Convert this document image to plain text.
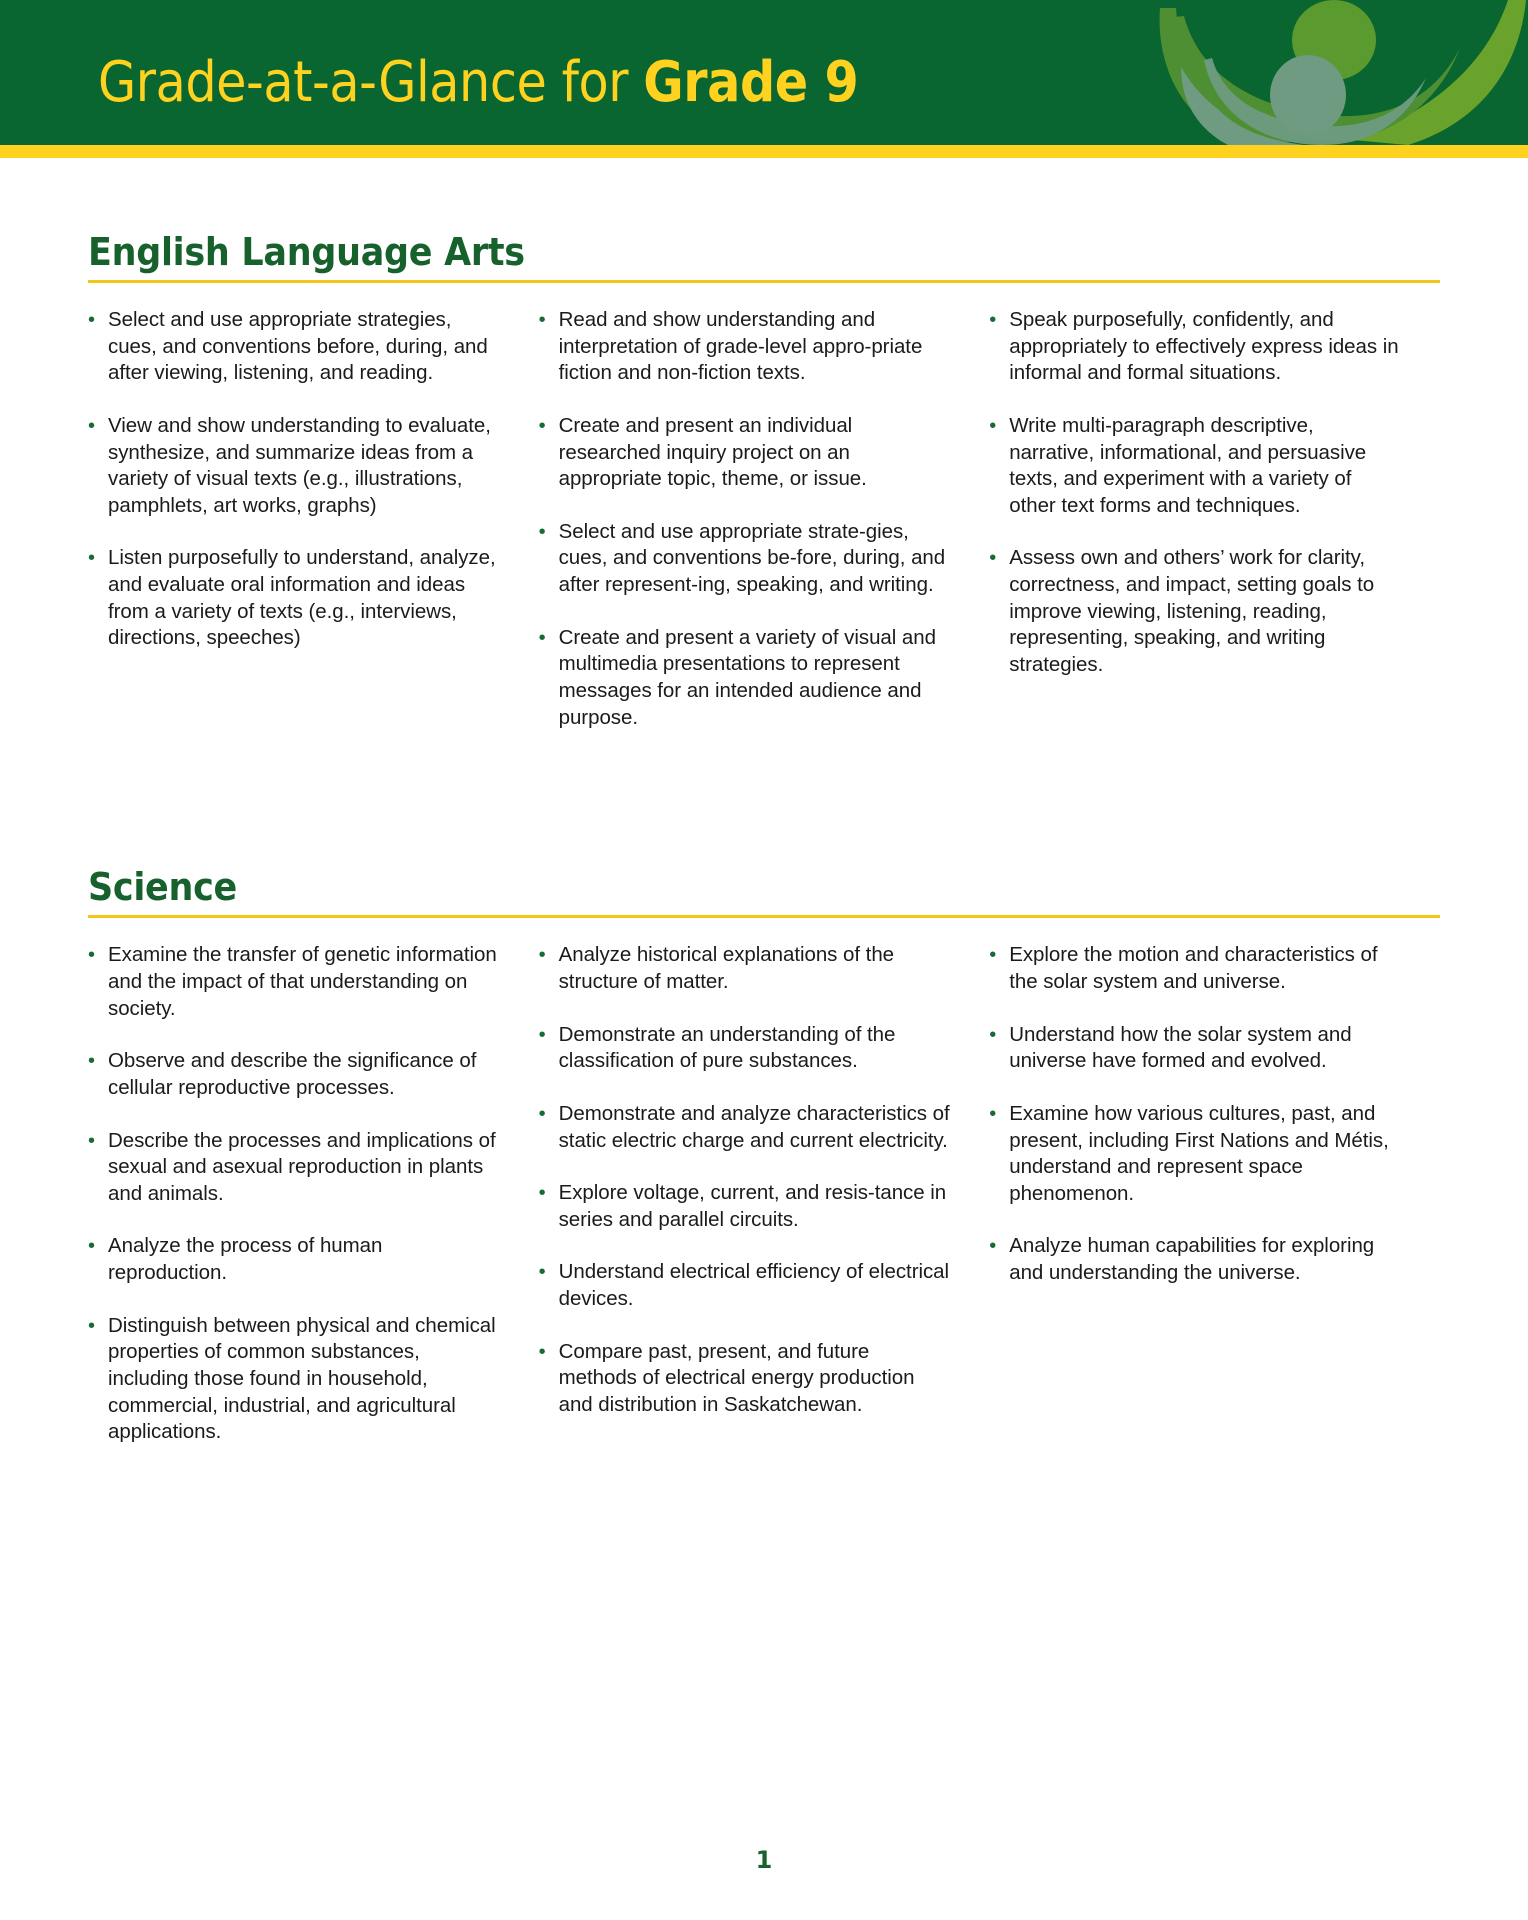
Grade-at-a-Glance for Grade 9
English Language Arts
• Select and use appropriate strategies, cues, and conventions before, during, and after viewing, listening, and reading.
• View and show understanding to evaluate, synthesize, and summarize ideas from a variety of visual texts (e.g., illustrations, pamphlets, art works, graphs)
• Listen purposefully to understand, analyze, and evaluate oral information and ideas from a variety of texts (e.g., interviews, directions, speeches)
• Read and show understanding and interpretation of grade-level appro-priate fiction and non-fiction texts.
• Create and present an individual researched inquiry project on an appropriate topic, theme, or issue.
• Select and use appropriate strate-gies, cues, and conventions be-fore, during, and after represent-ing, speaking, and writing.
• Create and present a variety of visual and multimedia presentations to represent messages for an intended audience and purpose.
• Speak purposefully, confidently, and appropriately to effectively express ideas in informal and formal situations.
• Write multi-paragraph descriptive, narrative, informational, and persuasive texts, and experiment with a variety of other text forms and techniques.
• Assess own and others’ work for clarity, correctness, and impact, setting goals to improve viewing, listening, reading, representing, speaking, and writing strategies.
Science
• Examine the transfer of genetic information and the impact of that understanding on society.
• Observe and describe the significance of cellular reproductive processes.
• Describe the processes and implications of sexual and asexual reproduction in plants and animals.
• Analyze the process of human reproduction.
• Distinguish between physical and chemical properties of common substances, including those found in household, commercial, industrial, and agricultural applications.
• Analyze historical explanations of the structure of matter.
• Demonstrate an understanding of the classification of pure substances.
• Demonstrate and analyze characteristics of static electric charge and current electricity.
• Explore voltage, current, and resis-tance in series and parallel circuits.
• Understand electrical efficiency of electrical devices.
• Compare past, present, and future methods of electrical energy production and distribution in Saskatchewan.
• Explore the motion and characteristics of the solar system and universe.
• Understand how the solar system and universe have formed and evolved.
• Examine how various cultures, past, and present, including First Nations and Métis, understand and represent space phenomenon.
• Analyze human capabilities for exploring and understanding the universe.
1
